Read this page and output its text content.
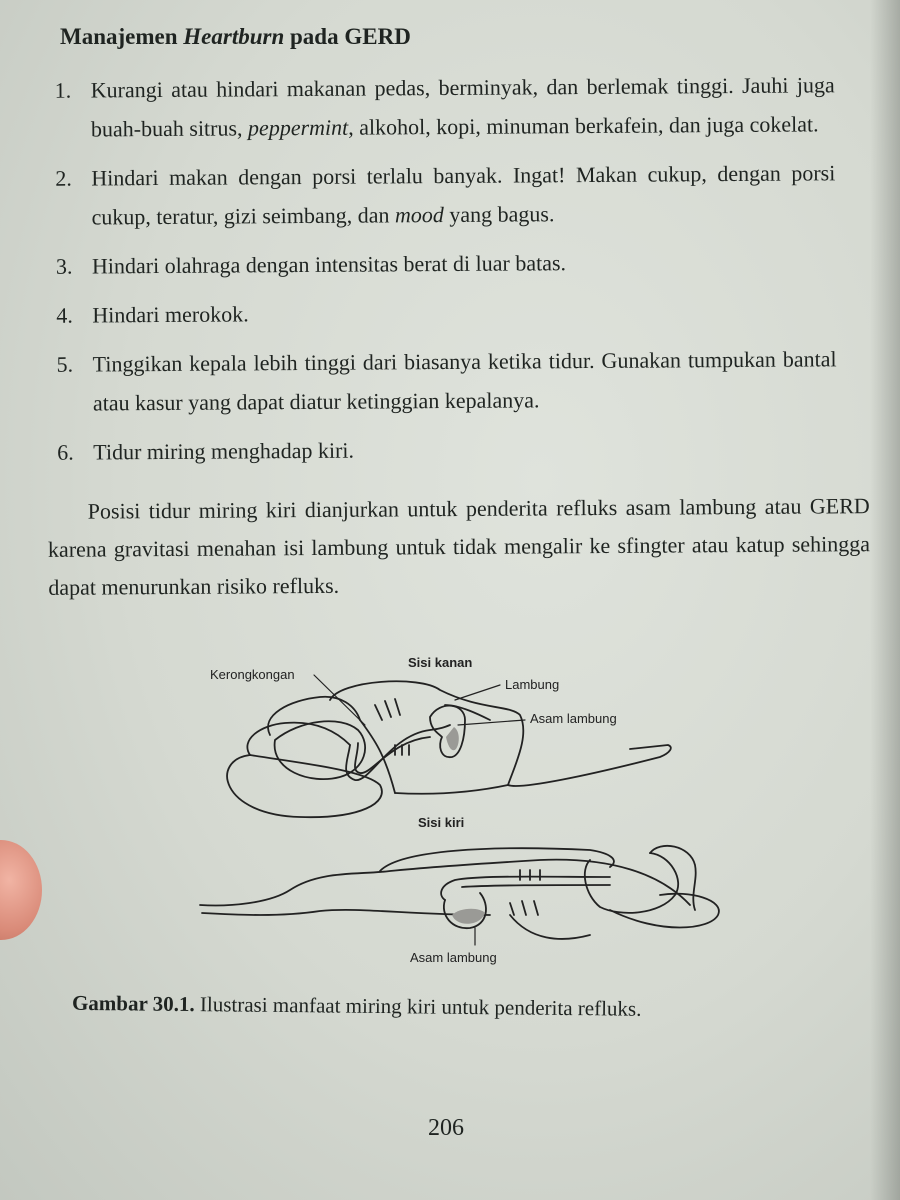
Manajemen Heartburn pada GERD
1. Kurangi atau hindari makanan pedas, berminyak, dan berlemak tinggi. Jauhi juga buah-buah sitrus, peppermint, alkohol, kopi, minuman berkafein, dan juga cokelat.
2. Hindari makan dengan porsi terlalu banyak. Ingat! Makan cukup, dengan porsi cukup, teratur, gizi seimbang, dan mood yang bagus.
3. Hindari olahraga dengan intensitas berat di luar batas.
4. Hindari merokok.
5. Tinggikan kepala lebih tinggi dari biasanya ketika tidur. Gunakan tumpukan bantal atau kasur yang dapat diatur ketinggian kepalanya.
6. Tidur miring menghadap kiri.
Posisi tidur miring kiri dianjurkan untuk penderita refluks asam lambung atau GERD karena gravitasi menahan isi lambung untuk tidak mengalir ke sfingter atau katup sehingga dapat menurunkan risiko refluks.
Sisi kanan
Kerongkongan
Lambung
Asam lambung
Sisi kiri
Asam lambung
Gambar 30.1. Ilustrasi manfaat miring kiri untuk penderita refluks.
206
